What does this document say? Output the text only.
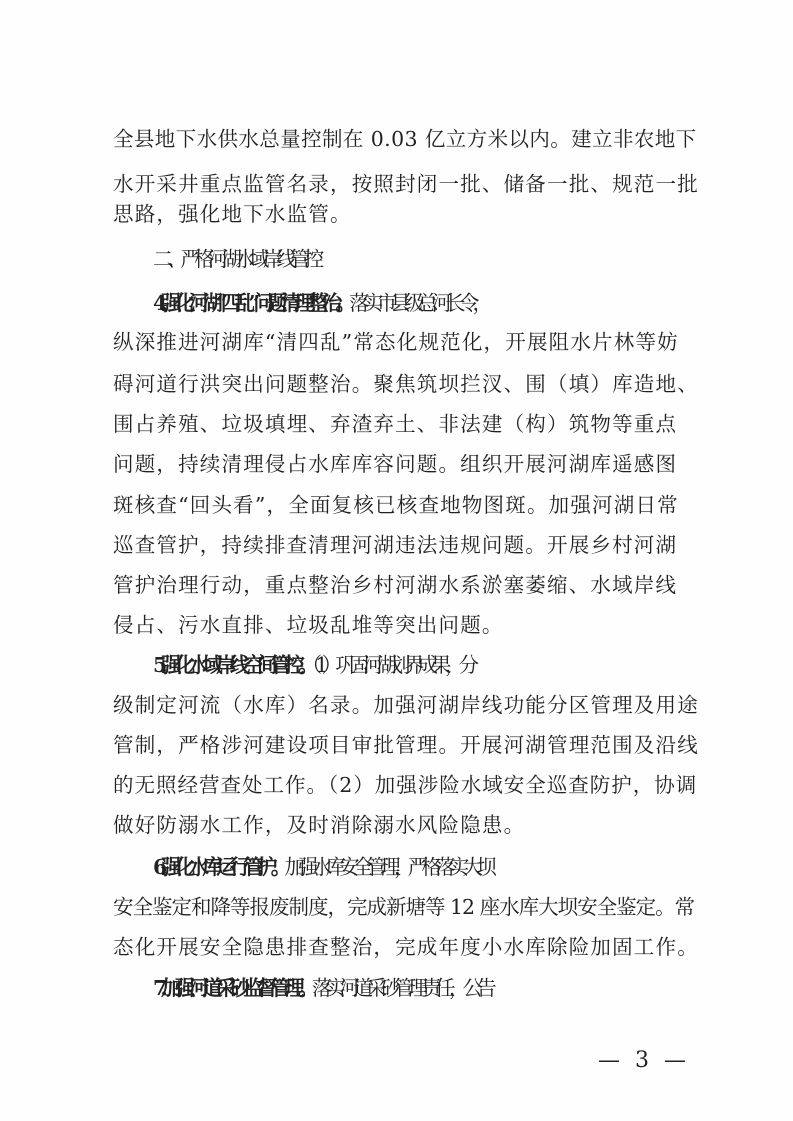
全县地下水供水总量控制在 0.03 亿立方米以内。建立非农地下
水开采井重点监管名录，按照封闭一批、储备一批、规范一批
思路，强化地下水监管。
二、严格河湖水域岸线管控
4. 强化河湖“四乱”问题清理整治。落实市县级总河长令，
纵深推进河湖库“清四乱”常态化规范化，开展阻水片林等妨
碍河道行洪突出问题整治。聚焦筑坝拦汊、围（填）库造地、
围占养殖、垃圾填埋、弃渣弃土、非法建（构）筑物等重点
问题，持续清理侵占水库库容问题。组织开展河湖库遥感图
斑核查“回头看”，全面复核已核查地物图斑。加强河湖日常
巡查管护，持续排查清理河湖违法违规问题。开展乡村河湖
管护治理行动，重点整治乡村河湖水系淤塞萎缩、水域岸线
侵占、污水直排、垃圾乱堆等突出问题。
5. 强化水域岸线空间管控。（1）巩固河湖划界成果，分
级制定河流（水库）名录。加强河湖岸线功能分区管理及用途
管制，严格涉河建设项目审批管理。开展河湖管理范围及沿线
的无照经营查处工作。（2）加强涉险水域安全巡查防护，协调
做好防溺水工作，及时消除溺水风险隐患。
6. 强化水库运行管护。加强水库安全管理，严格落实大坝
安全鉴定和降等报废制度，完成新塘等 12 座水库大坝安全鉴定。常
态化开展安全隐患排查整治，完成年度小水库除险加固工作。
7. 加强河道采砂监督管理。落实河道采砂管理责任，公告
— 3 —
